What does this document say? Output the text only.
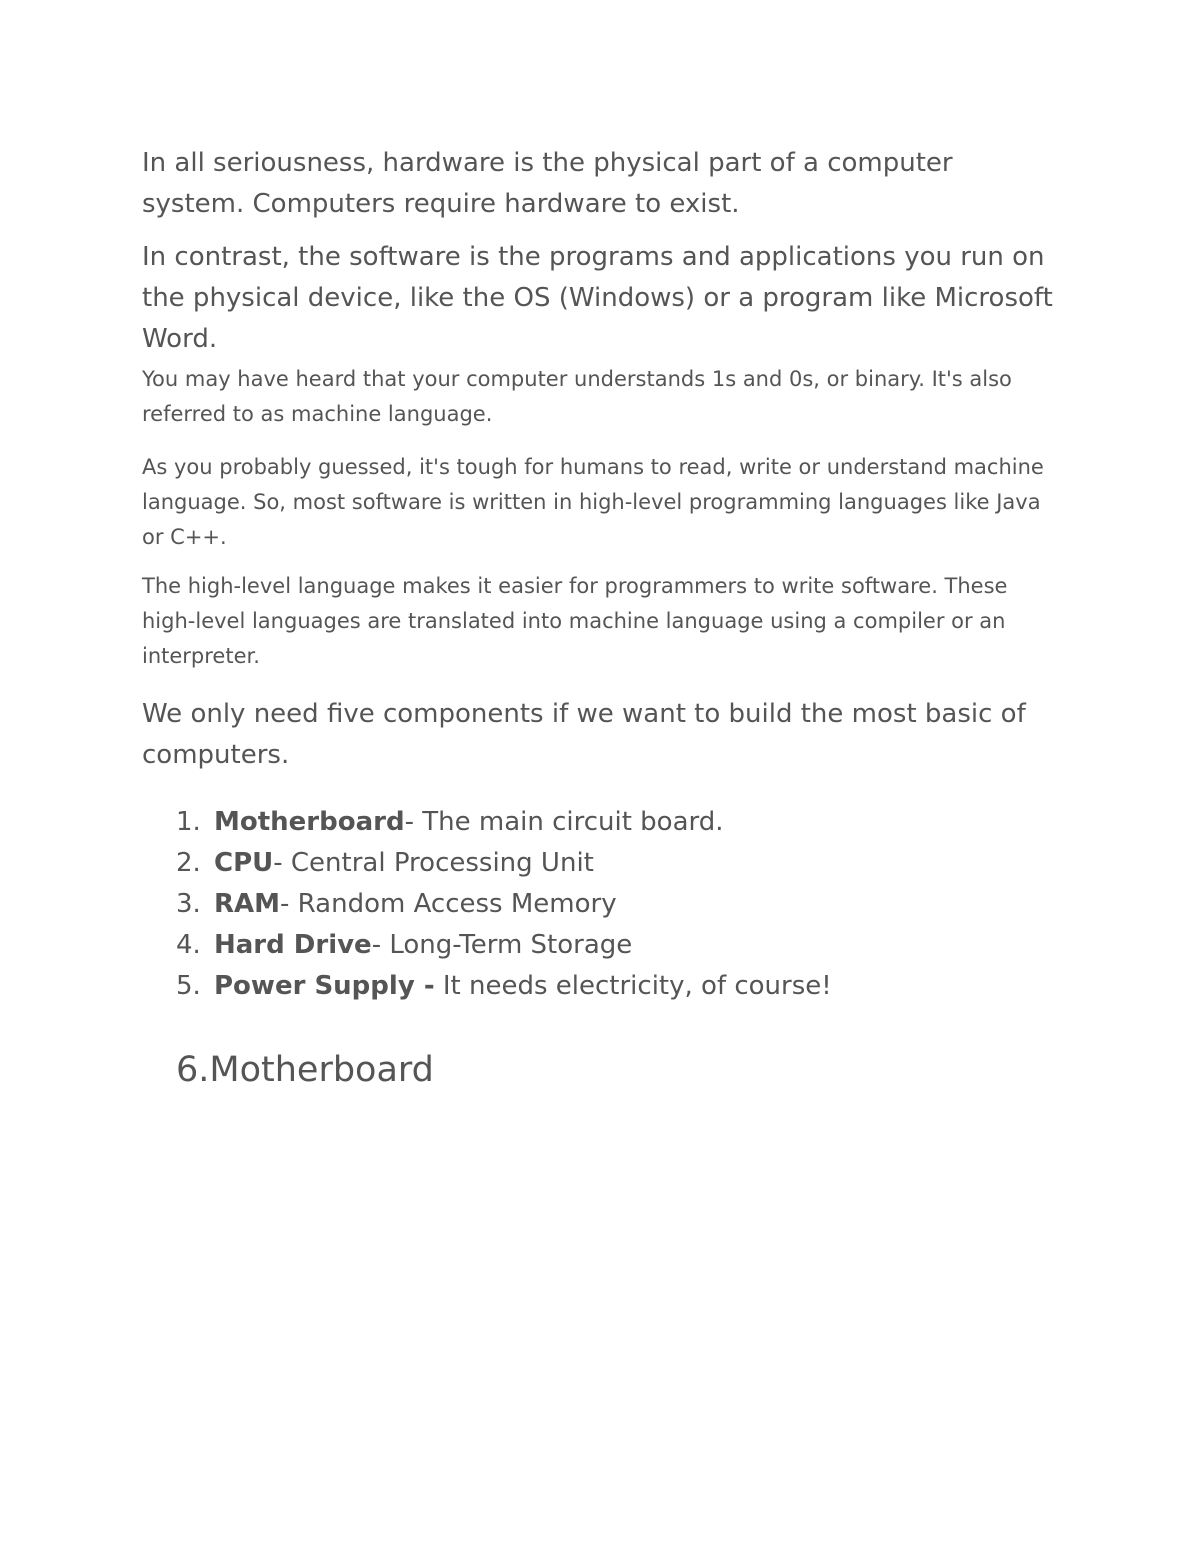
In all seriousness, hardware is the physical part of a computer system. Computers require hardware to exist.

In contrast, the software is the programs and applications you run on the physical device, like the OS (Windows) or a program like Microsoft Word.

You may have heard that your computer understands 1s and 0s, or binary. It's also referred to as machine language.

As you probably guessed, it's tough for humans to read, write or understand machine language. So, most software is written in high-level programming languages like Java or C++.

The high-level language makes it easier for programmers to write software. These high-level languages are translated into machine language using a compiler or an interpreter.

We only need five components if we want to build the most basic of computers.

1. Motherboard- The main circuit board.
2. CPU- Central Processing Unit
3. RAM- Random Access Memory
4. Hard Drive- Long-Term Storage
5. Power Supply - It needs electricity, of course!
6.Motherboard
